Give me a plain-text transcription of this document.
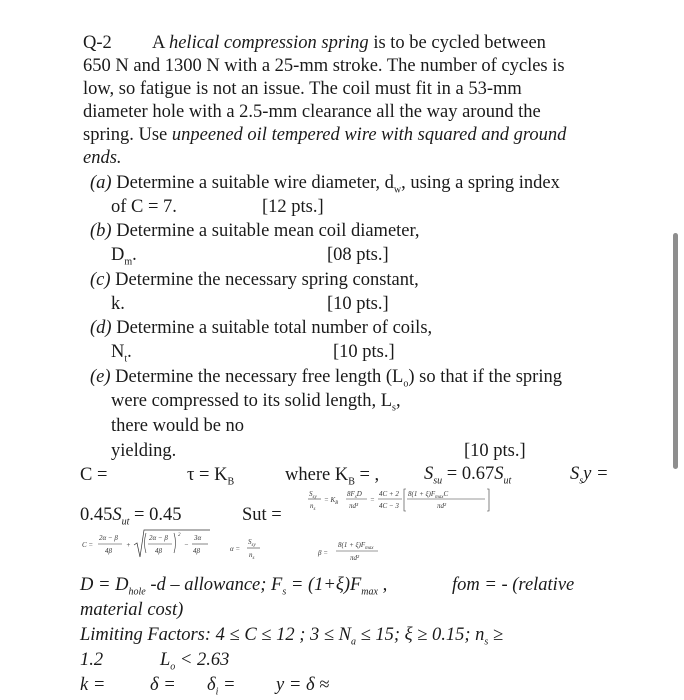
Q-2 A helical compression spring is to be cycled between
650 N and 1300 N with a 25-mm stroke. The number of cycles is
low, so fatigue is not an issue. The coil must fit in a 53-mm
diameter hole with a 2.5-mm clearance all the way around the
spring. Use unpeened oil tempered wire with squared and ground
ends.
(a) Determine a suitable wire diameter, $d_w$, using a spring index
of C = 7.	[12 pts.]
(b) Determine a suitable mean coil diameter,
$D_m$.	[08 pts.]
(c) Determine the necessary spring constant,
k.	[10 pts.]
(d) Determine a suitable total number of coils,
$N_t$.	[10 pts.]
(e) Determine the necessary free length $(L_o)$ so that if the spring
were compressed to its solid length, $L_s$,
there would be no
yielding.	[10 pts.]
C =	$\tau = K_B$	where $K_B$ = , $S_{su} = 0.67S_{ut}$	$S_sy$ =
$0.45S_{ut} = 0.45$	Sut =
$S_{sy}$
$n_s$
= $K_B$
$8F_sD$
πd³
=
4C + 2
4C − 3
$8(1 + \xi)F_{max}C$
πd²
C =
2α − β
4β
+
2α − β
4β
2
−
3α
4β	α =
$S_{sy}$
$n_s$
β =
$8(1 + \xi)F_{max}$
πd²
$D = D_{hole}$ -d – allowance; $F_s = (1+\xi)F_{max}$ ,	fom = - (relative
material cost)
Limiting Factors: 4 ≤ C ≤ 12 ; $3 \le N_a \le 15$; ξ ≥ 0.15; $n_s$ ≥
1.2	$L_o < 2.63$
$k = \delta = \delta_i = y = \delta$ ≈
